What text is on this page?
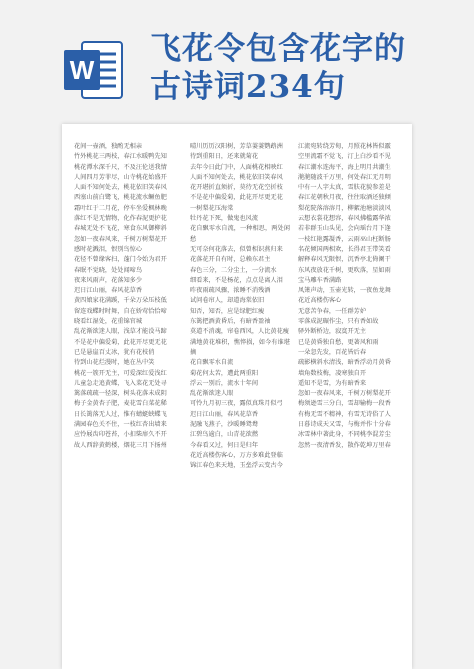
W
飞花令包含花字的
古诗词234句

花间一壶酒，独酌无相亲

竹外桃花三两枝，春江水暖鸭先知

桃花潭水深千尺，不及汪伦送我情

人间四月芳菲尽，山寺桃花始盛开

人面不知何处去，桃花依旧笑春风

西塞山前白鹭飞，桃花流水鳜鱼肥

霜叶红于二月花，停车坐爱枫林晚

落红不是无情物，化作春泥更护花

春城无处不飞花，寒食东风御柳斜

忽如一夜春风来，千树万树梨花开

感时花溅泪，恨别鸟惊心

花径不曾缘客扫，蓬门今始为君开

春眠不觉晓，处处闻啼鸟

夜来风雨声，花落知多少

迟日江山丽，春风花草香

黄四娘家花满蹊，千朵万朵压枝低

留连戏蝶时时舞，自在娇莺恰恰啼

晓看红湿处，花重锦官城

乱花渐欲迷人眼，浅草才能没马蹄

不是花中偏爱菊，此花开尽更无花

已是悬崖百丈冰，犹有花枝俏

待到山花烂漫时，她在丛中笑

桃花一簇开无主，可爱深红爱浅红

儿童急走追黄蝶，飞入菜花无处寻

篱落疏疏一径深，树头花落未成阴

梅子金黄杏子肥，麦花雪白菜花稀

日长篱落无人过，惟有蜻蜓蛱蝶飞

满园春色关不住，一枝红杏出墙来

应怜屐齿印苍苔，小扣柴扉久不开

故人西辞黄鹤楼，烟花三月下扬州

晴川历历汉阳树，芳草萋萋鹦鹉洲

待到重阳日，还来就菊花

去年今日此门中，人面桃花相映红

人面不知何处去，桃花依旧笑春风

花开堪折直须折，莫待无花空折枝

不是花中偏爱菊，此花开尽更无花

一树梨花压海棠

牡丹花下死，做鬼也风流

花自飘零水自流，一种相思，两处闲愁

无可奈何花落去，似曾相识燕归来

花落花开自有时，总赖东君主

春色三分，二分尘土，一分流水

细看来，不是杨花，点点是离人泪

昨夜雨疏风骤，浓睡不消残酒

试问卷帘人，却道海棠依旧

知否，知否，应是绿肥红瘦

东篱把酒黄昏后，有暗香盈袖

莫道不消魂，帘卷西风，人比黄花瘦

满地黄花堆积，憔悴损，如今有谁堪摘

花自飘零水自流

菊花何太苦，遭此两重阳

浮云一别后，流水十年间

乱花渐欲迷人眼

可怜九月初三夜，露似真珠月似弓

迟日江山丽，春风花草香

泥融飞燕子，沙暖睡鸳鸯

江碧鸟逾白，山青花欲燃

今春看又过，何日是归年

花近高楼伤客心，万方多难此登临

锦江春色来天地，玉垒浮云变古今

江流宛转绕芳甸，月照花林皆似霰

空里流霜不觉飞，汀上白沙看不见

春江潮水连海平，海上明月共潮生

滟滟随波千万里，何处春江无月明

中有一人字太真，雪肤花貌参差是

春江花朝秋月夜，往往取酒还独倾

梨花院落溶溶月，柳絮池塘淡淡风

云想衣裳花想容，春风拂槛露华浓

若非群玉山头见，会向瑶台月下逢

一枝红艳露凝香，云雨巫山枉断肠

名花倾国两相欢，长得君王带笑看

解释春风无限恨，沉香亭北倚阑干

东风夜放花千树，更吹落，星如雨

宝马雕车香满路

凤箫声动，玉壶光转，一夜鱼龙舞

花近高楼伤客心

无意苦争春，一任群芳妒

零落成泥碾作尘，只有香如故

驿外断桥边，寂寞开无主

已是黄昏独自愁，更著风和雨

一朵忽先发，百花皆后春

疏影横斜水清浅，暗香浮动月黄昏

墙角数枝梅，凌寒独自开

遥知不是雪，为有暗香来

忽如一夜春风来，千树万树梨花开

梅须逊雪三分白，雪却输梅一段香

有梅无雪不精神，有雪无诗俗了人

日暮诗成天又雪，与梅并作十分春

冰雪林中著此身，不同桃李混芳尘

忽然一夜清香发，散作乾坤万里春
